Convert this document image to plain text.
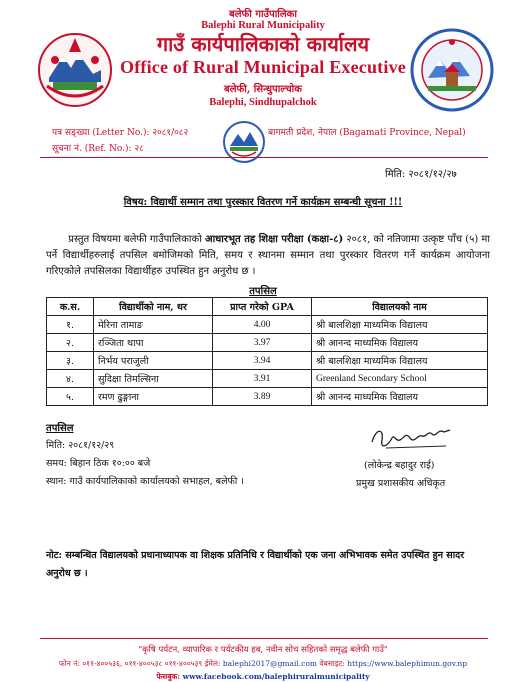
बलेफी गाउँपालिका
Balephi Rural Municipality
गाउँ कार्यपालिकाको कार्यालय
Office of Rural Municipal Executive
बलेफी, सिन्धुपाल्चोक
Balephi, Sindhupalchok
पत्र सङ्ख्या (Letter No.): २०८१/०८२
सूचना नं. (Ref. No.): २८
बागमती प्रदेश, नेपाल (Bagamati Province, Nepal)
मिति: २०८१/१२/२७
विषय: विद्यार्थी सम्मान तथा पुरस्कार वितरण गर्ने कार्यक्रम सम्बन्धी सूचना !!!
प्रस्तुत विषयमा बलेफी गाउँपालिकाको आधारभूत तह शिक्षा परीक्षा (कक्षा-८) २०८१, को नतिजामा उत्कृष्ट पाँच (५) मा पर्ने विद्यार्थीहरुलाई तपसिल बमोजिमको मिति, समय र स्थानमा सम्मान तथा पुरस्कार वितरण गर्ने कार्यक्रम आयोजना गरिएकोले तपसिलका विद्यार्थीहरु उपस्थित हुन अनुरोध छ ।
तपसिल
क.स.	विद्यार्थीको नाम, थर	प्राप्त गरेको GPA	विद्यालयको नाम
१.	मेरिना तामाङ	4.00	श्री बालशिक्षा माध्यमिक विद्यालय
२.	रञ्जिता थापा	3.97	श्री आनन्द माध्यमिक विद्यालय
३.	निर्भय पराजुली	3.94	श्री बालशिक्षा माध्यमिक विद्यालय
४.	सुदिक्षा तिमल्सिना	3.91	Greenland Secondary School
५.	रमण ढुङ्गाना	3.89	श्री आनन्द माध्यमिक विद्यालय
तपसिल
मिति: २०८१/१२/२९
समय: बिहान ठिक १०:०० बजे
स्थान: गाउँ कार्यपालिकाको कार्यालयको सभाहल, बलेफी ।
(लोकेन्द्र बहादुर राई)
प्रमुख प्रशासकीय अधिकृत
नोट: सम्बन्धित विद्यालयको प्रधानाध्यापक वा शिक्षक प्रतिनिधि र विद्यार्थीको एक जना अभिभावक समेत उपस्थित हुन सादर अनुरोध छ ।
"कृषि पर्यटन, व्यापारिक र पर्यटकीय हब, नवीन सोच सहितको समृद्ध बलेफी गाउँ"
फोन नं: ०११-४००५३६, ०११-४००५३८ ०११-४००५३९ ईमेल: balephi2017@gmail.com वेबसाइट: https://www.balephimun.gov.np
फेसबुक: www.facebook.com/balephiruralmunicipality
